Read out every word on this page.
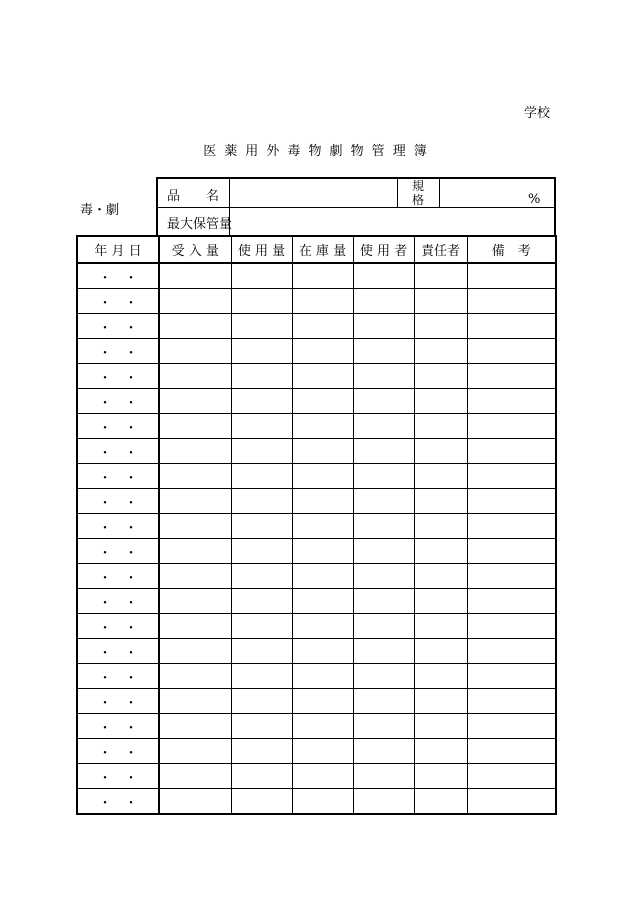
学校
医薬用外毒物劇物管理簿
毒・劇
品　　名
規
格	%
最大保管量
年 月 日	受 入 量	使 用 量	在 庫 量	使 用 者	責任者	備　考
・　・						
・　・						
・　・						
・　・						
・　・						
・　・						
・　・						
・　・						
・　・						
・　・						
・　・						
・　・						
・　・						
・　・						
・　・						
・　・						
・　・						
・　・						
・　・						
・　・						
・　・						
・　・						
